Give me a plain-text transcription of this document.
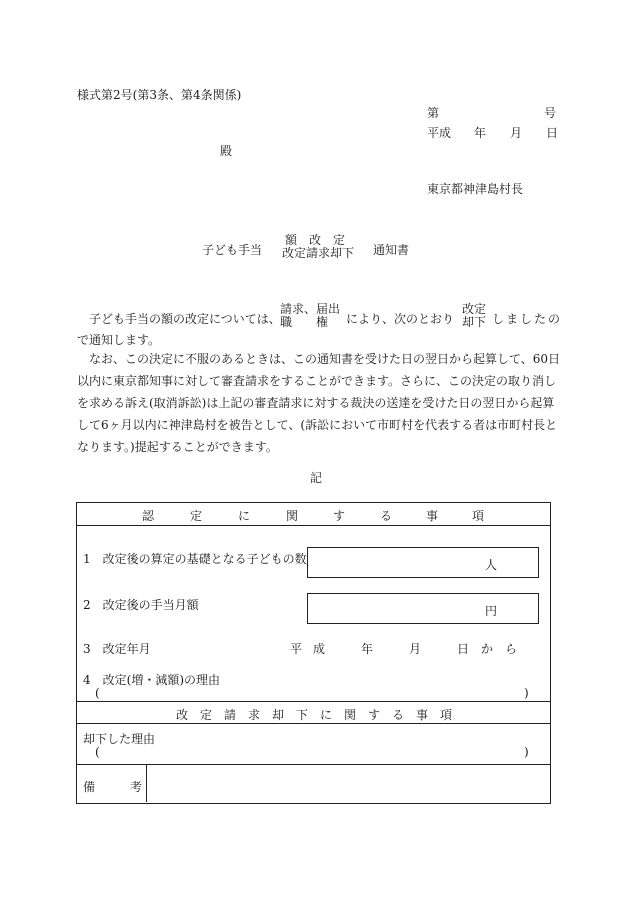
様式第2号(第3条、第4条関係)
第	号
平成 年 月 日
殿
東京都神津島村長
子ども手当
額　改　定
改定請求却下 通知書
子ども手当の額の改定については、
請求、届出
職　　権	により、次のとおり
改定
却下 しましたの
で通知します。
なお、この決定に不服のあるときは、この通知書を受けた日の翌日から起算して、60日
以内に東京都知事に対して審査請求をすることができます。さらに、この決定の取り消し
を求める訴え(取消訴訟)は上記の審査請求に対する裁決の送達を受けた日の翌日から起算
して6ヶ月以内に神津島村を被告として、(訴訟において市町村を代表する者は市町村長と
なります。)提起することができます。
記
認	定	に	関	す	る	事	項
1　改定後の算定の基礎となる子どもの数	人
2　改定後の手当月額	円
3　改定年月	平 成	年	月	日 か ら
4　改定(増・減額)の理由
(	)
改 定 請 求 却 下 に 関 す る 事 項
却下した理由
(	)
備	考
